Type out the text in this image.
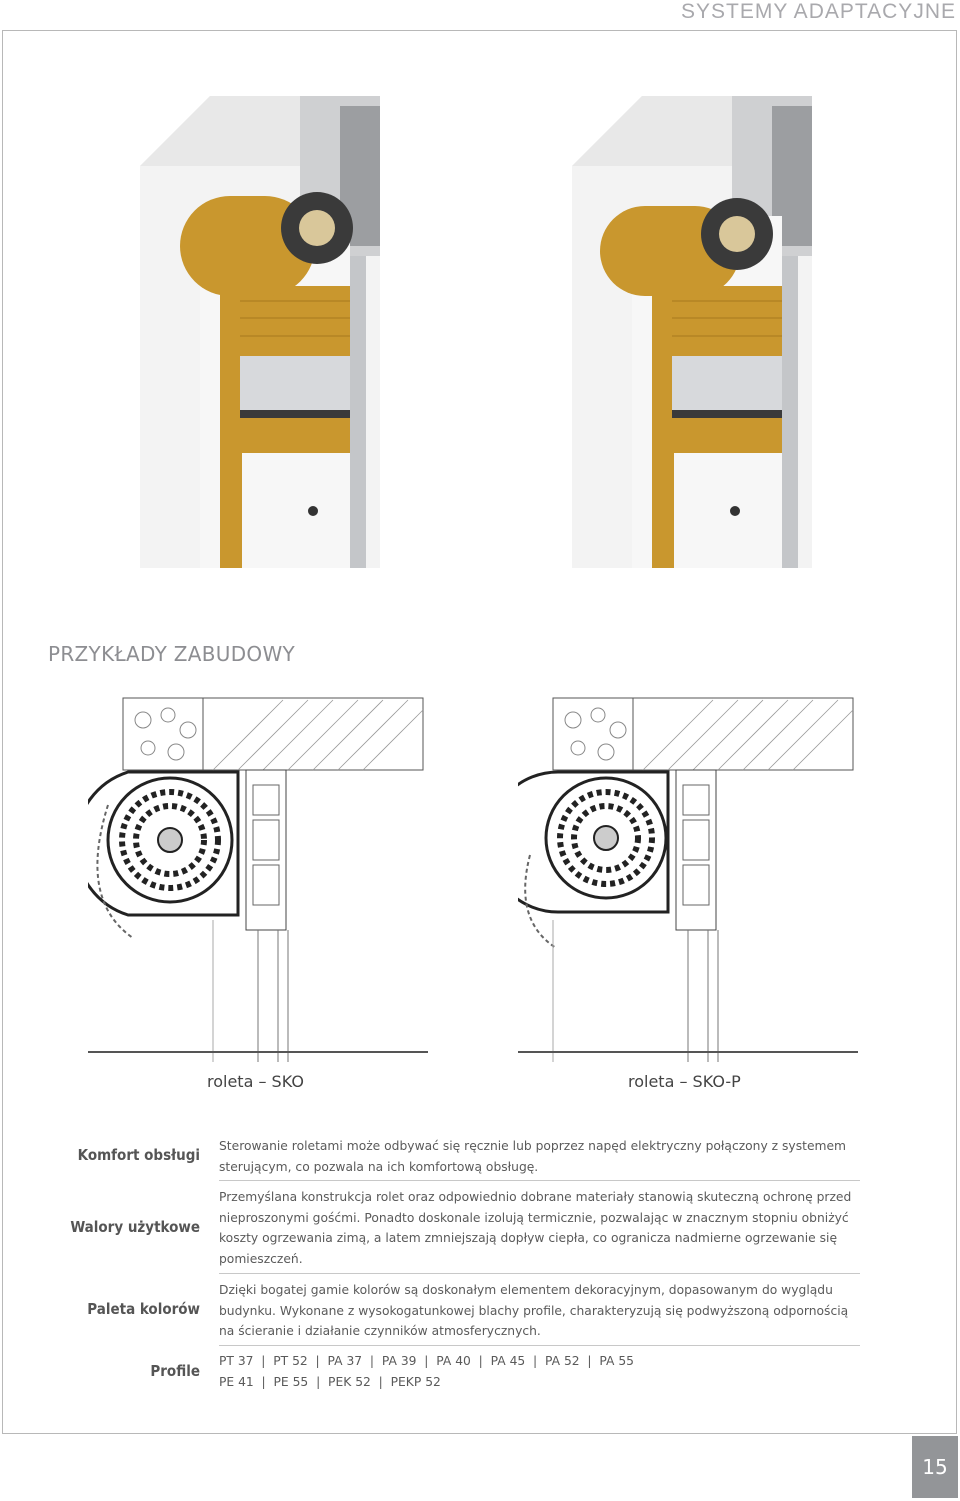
SYSTEMY ADAPTACYJNE
PRZYKŁADY ZABUDOWY
roleta – SKO	roleta – SKO-P
Komfort obsługi Sterowanie roletami może odbywać się ręcznie lub poprzez napęd elektryczny połączony z systemem sterującym, co pozwala na ich komfortową obsługę.
Walory użytkowe
Przemyślana konstrukcja rolet oraz odpowiednio dobrane materiały stanowią skuteczną ochronę przed nieproszonymi gośćmi. Ponadto doskonale izolują termicznie, pozwalając w znacznym stopniu obniżyć koszty ogrzewania zimą, a latem zmniejszają dopływ ciepła, co ogranicza nadmierne ogrzewanie się pomieszczeń.
Paleta kolorów
Dzięki bogatej gamie kolorów są doskonałym elementem dekoracyjnym, dopasowanym do wyglądu budynku. Wykonane z wysokogatunkowej blachy profile, charakteryzują się podwyższoną odpornością na ścieranie i działanie czynników atmosferycznych.
Profile
PT 37  |  PT 52  |  PA 37  |  PA 39  |  PA 40  |  PA 45  |  PA 52  |  PA 55
PE 41  |  PE 55  |  PEK 52  |  PEKP 52
15
